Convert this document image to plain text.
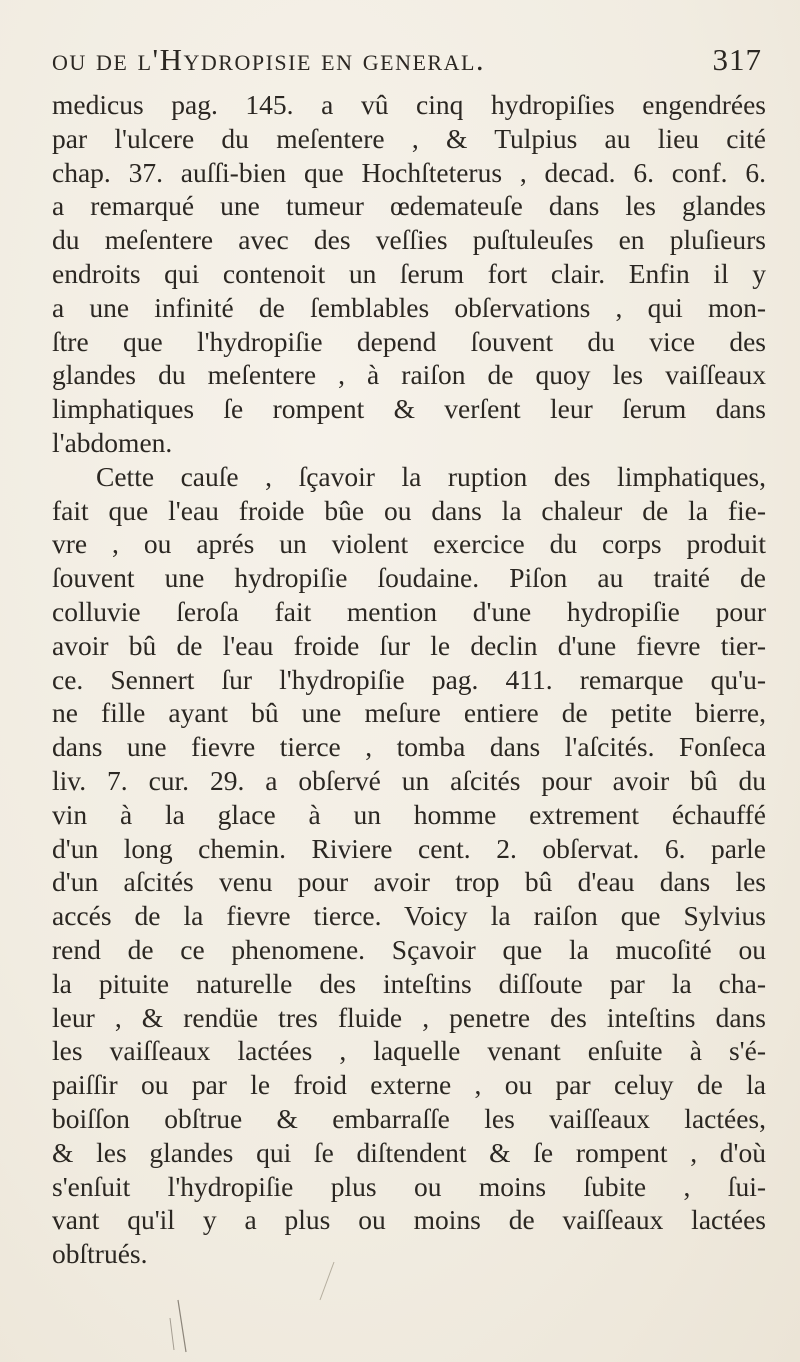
ou de l'Hydropisie en general.	317
medicus pag. 145. a vû cinq hydropiſies engendrées
par l'ulcere du meſentere , & Tulpius au lieu cité
chap. 37. auſſi-bien que Hochſteterus , decad. 6. conf. 6.
a remarqué une tumeur œdemateuſe dans les glandes
du meſentere avec des veſſies puſtuleuſes en pluſieurs
endroits qui contenoit un ſerum fort clair. Enfin il y
a une infinité de ſemblables obſervations , qui mon-
ſtre que l'hydropiſie depend ſouvent du vice des
glandes du meſentere , à raiſon de quoy les vaiſſeaux
limphatiques ſe rompent & verſent leur ſerum dans
l'abdomen.
Cette cauſe , ſçavoir la ruption des limphatiques,
fait que l'eau froide bûe ou dans la chaleur de la fie-
vre , ou aprés un violent exercice du corps produit
ſouvent une hydropiſie ſoudaine. Piſon au traité de
colluvie ſeroſa fait mention d'une hydropiſie pour
avoir bû de l'eau froide ſur le declin d'une fievre tier-
ce. Sennert ſur l'hydropiſie pag. 411. remarque qu'u-
ne fille ayant bû une meſure entiere de petite bierre,
dans une fievre tierce , tomba dans l'aſcités. Fonſeca
liv. 7. cur. 29. a obſervé un aſcités pour avoir bû du
vin à la glace à un homme extrement échauffé
d'un long chemin. Riviere cent. 2. obſervat. 6. parle
d'un aſcités venu pour avoir trop bû d'eau dans les
accés de la fievre tierce. Voicy la raiſon que Sylvius
rend de ce phenomene. Sçavoir que la mucoſité ou
la pituite naturelle des inteſtins diſſoute par la cha-
leur , & rendüe tres fluide , penetre des inteſtins dans
les vaiſſeaux lactées , laquelle venant enſuite à s'é-
paiſſir ou par le froid externe , ou par celuy de la
boiſſon obſtrue & embarraſſe les vaiſſeaux lactées,
& les glandes qui ſe diſtendent & ſe rompent , d'où
s'enſuit l'hydropiſie plus ou moins ſubite , ſui-
vant qu'il y a plus ou moins de vaiſſeaux lactées
obſtrués.
